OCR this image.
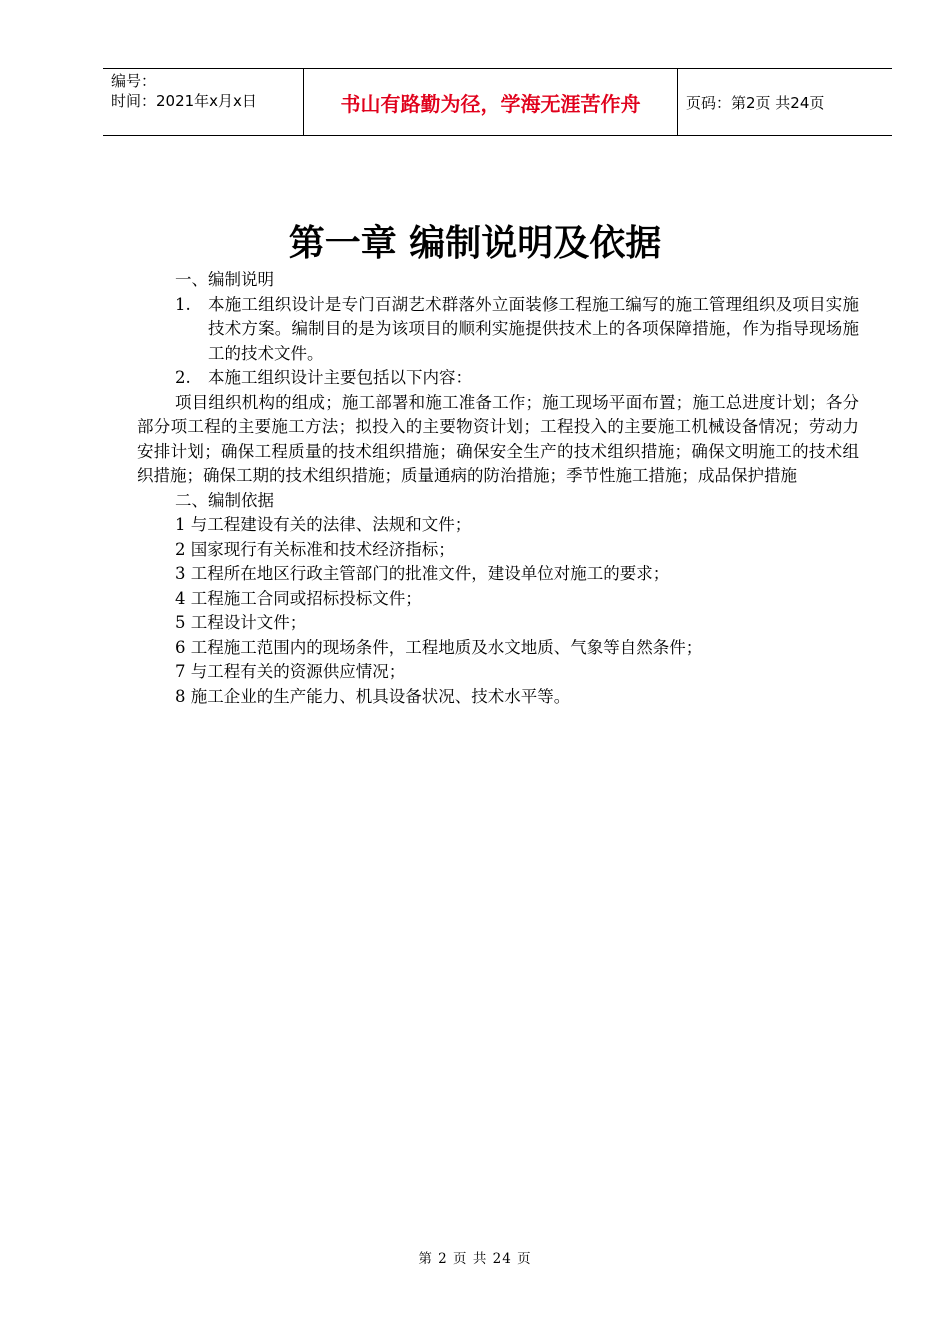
编号：
时间：2021年x月x日	书山有路勤为径，学海无涯苦作舟	页码：第2页 共24页
第一章 编制说明及依据

一、编制说明

1.	本施工组织设计是专门百湖艺术群落外立面装修工程施工编写的施工管理组织及项目实施技术方案。编制目的是为该项目的顺利实施提供技术上的各项保障措施，作为指导现场施工的技术文件。
2.	本施工组织设计主要包括以下内容：

项目组织机构的组成；施工部署和施工准备工作；施工现场平面布置；施工总进度计划；各分部分项工程的主要施工方法；拟投入的主要物资计划；工程投入的主要施工机械设备情况；劳动力安排计划；确保工程质量的技术组织措施；确保安全生产的技术组织措施；确保文明施工的技术组织措施；确保工期的技术组织措施；质量通病的防治措施；季节性施工措施；成品保护措施

二、编制依据

1 与工程建设有关的法律、法规和文件；

2 国家现行有关标准和技术经济指标；

3 工程所在地区行政主管部门的批准文件，建设单位对施工的要求；

4 工程施工合同或招标投标文件；

5 工程设计文件；

6 工程施工范围内的现场条件，工程地质及水文地质、气象等自然条件；

7 与工程有关的资源供应情况；

8 施工企业的生产能力、机具设备状况、技术水平等。

第 2 页 共 24 页
